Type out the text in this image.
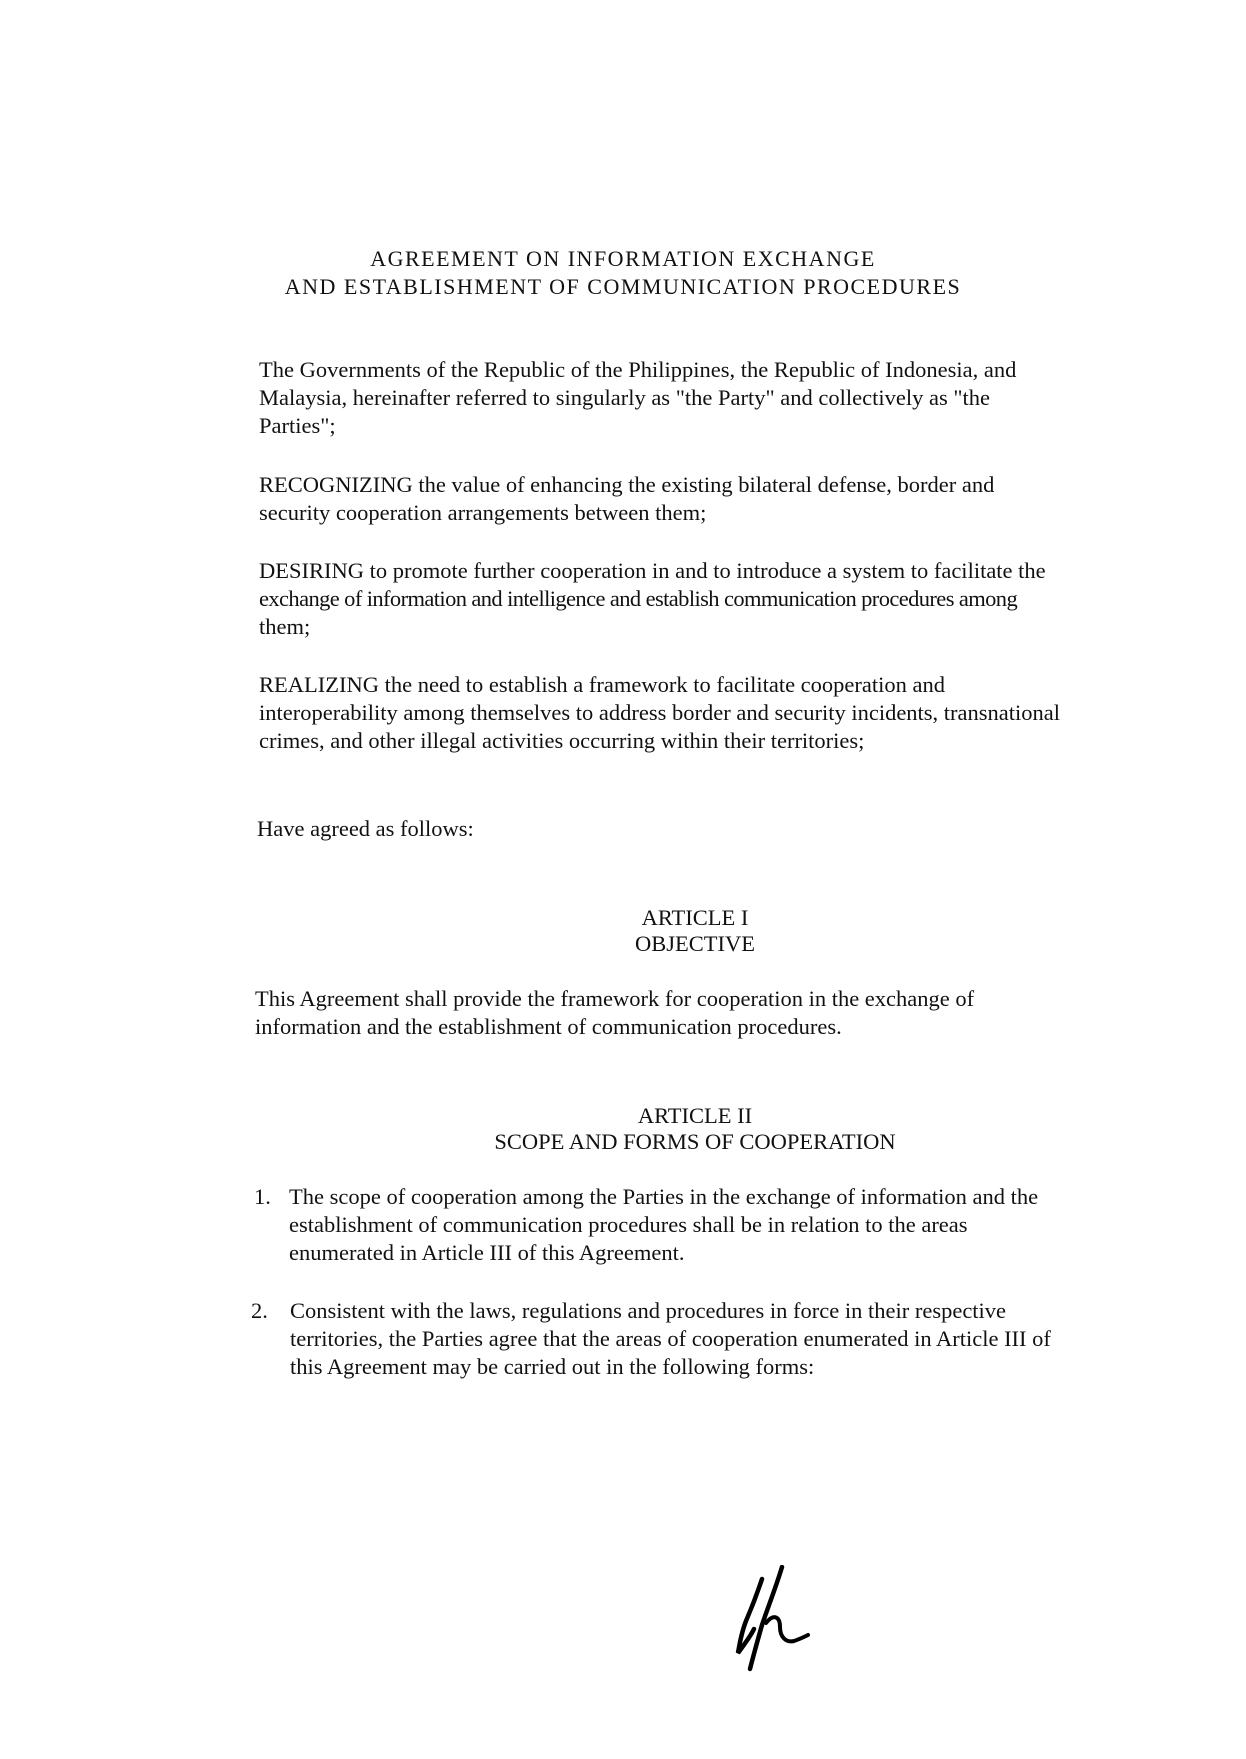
AGREEMENT ON INFORMATION EXCHANGE
AND ESTABLISHMENT OF COMMUNICATION PROCEDURES
The Governments of the Republic of the Philippines, the Republic of Indonesia, and
Malaysia, hereinafter referred to singularly as "the Party" and collectively as "the
Parties";
RECOGNIZING the value of enhancing the existing bilateral defense, border and
security cooperation arrangements between them;
DESIRING to promote further cooperation in and to introduce a system to facilitate the
exchange of information and intelligence and establish communication procedures among
them;
REALIZING the need to establish a framework to facilitate cooperation and
interoperability among themselves to address border and security incidents, transnational
crimes, and other illegal activities occurring within their territories;
Have agreed as follows:
ARTICLE I
OBJECTIVE
This Agreement shall provide the framework for cooperation in the exchange of
information and the establishment of communication procedures.
ARTICLE II
SCOPE AND FORMS OF COOPERATION
1. The scope of cooperation among the Parties in the exchange of information and the
establishment of communication procedures shall be in relation to the areas
enumerated in Article III of this Agreement.
2. Consistent with the laws, regulations and procedures in force in their respective
territories, the Parties agree that the areas of cooperation enumerated in Article III of
this Agreement may be carried out in the following forms:
